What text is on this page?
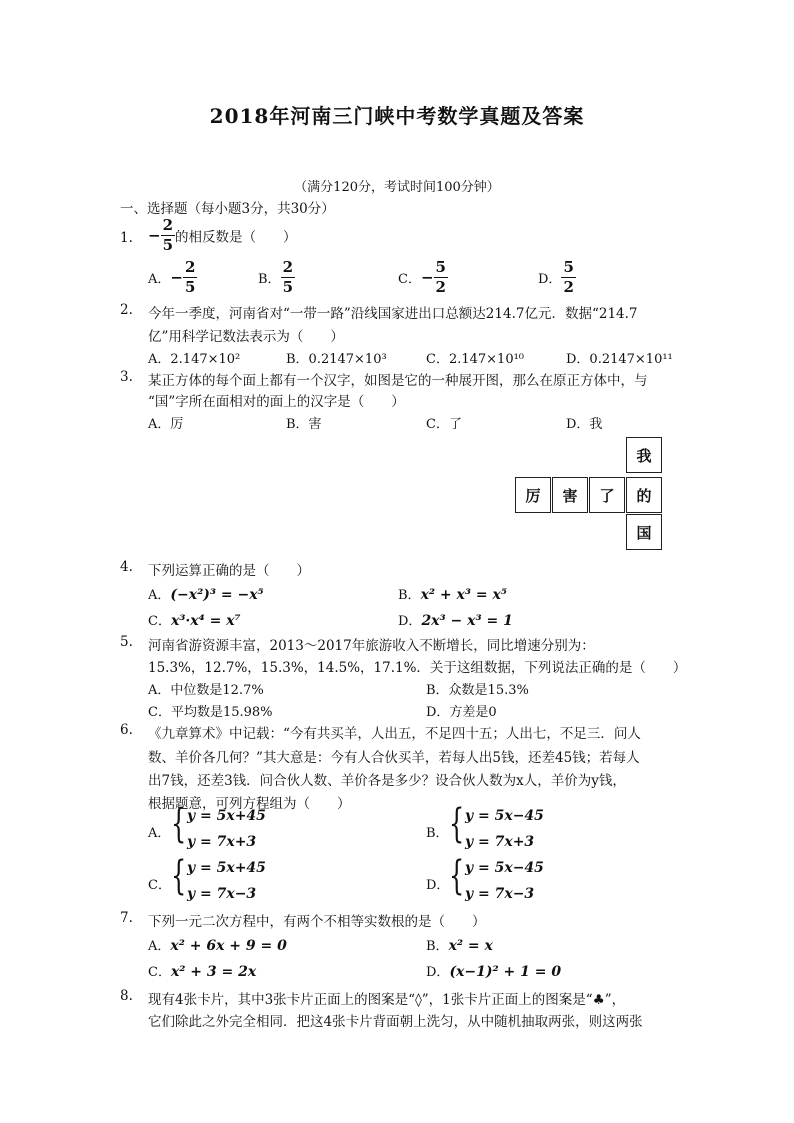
2018年河南三门峡中考数学真题及答案
（满分120分，考试时间100分钟）
一、选择题（每小题3分，共30分）
1. − $\frac{2}{5}$ 的相反数是（　　）
A．− $\frac{2}{5}$	B． $\frac{2}{5}$	C．− $\frac{5}{2}$	D． $\frac{5}{2}$
2. 今年一季度，河南省对“一带一路”沿线国家进出口总额达214.7亿元．数据“214.7
亿”用科学记数法表示为（　　）
A．2.147×10²	B．0.2147×10³	C．2.147×10¹⁰	D．0.2147×10¹¹
3. 某正方体的每个面上都有一个汉字，如图是它的一种展开图，那么在原正方体中，与
“国”字所在面相对的面上的汉字是（　　）
A．厉	B．害	C．了	D．我
我
厉	害	了	的
国
4. 下列运算正确的是（　　）
A．(−x²)³ = −x⁵	B．x² + x³ = x⁵
C．x³·x⁴ = x⁷	D．2x³ − x³ = 1
5. 河南省游资源丰富，2013～2017年旅游收入不断增长，同比增速分别为：
15.3%，12.7%，15.3%，14.5%，17.1%．关于这组数据，下列说法正确的是（　　）
A．中位数是12.7%	B．众数是15.3%
C．平均数是15.98%	D．方差是0
6. 《九章算术》中记载：“今有共买羊，人出五，不足四十五；人出七，不足三．问人
数、羊价各几何？”其大意是：今有人合伙买羊，若每人出5钱，还差45钱；若每人
出7钱，还差3钱．问合伙人数、羊价各是多少？设合伙人数为x人，羊价为y钱，
根据题意，可列方程组为（　　）
A． { y = 5x+45
y = 7x+3
B． { y = 5x−45
y = 7x+3
C． { y = 5x+45
y = 7x−3
D． { y = 5x−45
y = 7x−3
7. 下列一元二次方程中，有两个不相等实数根的是（　　）
A．x² + 6x + 9 = 0	B．x² = x
C．x² + 3 = 2x	D．(x−1)² + 1 = 0
8. 现有4张卡片，其中3张卡片正面上的图案是“◊”，1张卡片正面上的图案是“♣”，
它们除此之外完全相同．把这4张卡片背面朝上洗匀，从中随机抽取两张，则这两张
